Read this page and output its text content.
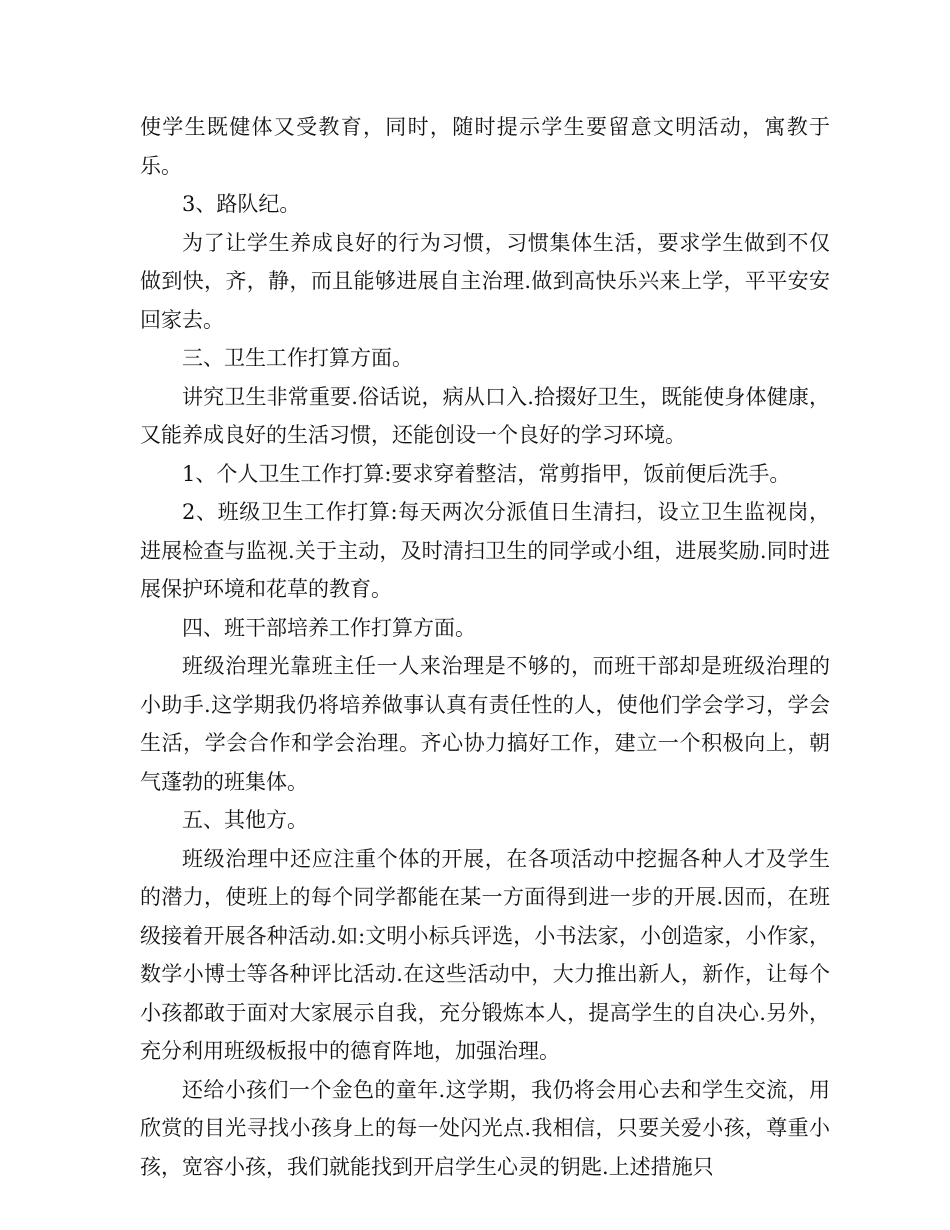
使学生既健体又受教育，同时，随时提示学生要留意文明活动，寓教于乐。

3、路队纪。

为了让学生养成良好的行为习惯，习惯集体生活，要求学生做到不仅做到快，齐，静，而且能够进展自主治理.做到高快乐兴来上学，平平安安回家去。

三、卫生工作打算方面。

讲究卫生非常重要.俗话说，病从口入.拾掇好卫生，既能使身体健康，又能养成良好的生活习惯，还能创设一个良好的学习环境。

1、个人卫生工作打算:要求穿着整洁，常剪指甲，饭前便后洗手。

2、班级卫生工作打算:每天两次分派值日生清扫，设立卫生监视岗，进展检查与监视.关于主动，及时清扫卫生的同学或小组，进展奖励.同时进展保护环境和花草的教育。

四、班干部培养工作打算方面。

班级治理光靠班主任一人来治理是不够的，而班干部却是班级治理的小助手.这学期我仍将培养做事认真有责任性的人，使他们学会学习，学会生活，学会合作和学会治理。齐心协力搞好工作，建立一个积极向上，朝气蓬勃的班集体。

五、其他方。

班级治理中还应注重个体的开展，在各项活动中挖掘各种人才及学生的潜力，使班上的每个同学都能在某一方面得到进一步的开展.因而，在班级接着开展各种活动.如:文明小标兵评选，小书法家，小创造家，小作家，数学小博士等各种评比活动.在这些活动中，大力推出新人，新作，让每个小孩都敢于面对大家展示自我，充分锻炼本人，提高学生的自决心.另外，充分利用班级板报中的德育阵地，加强治理。

还给小孩们一个金色的童年.这学期，我仍将会用心去和学生交流，用欣赏的目光寻找小孩身上的每一处闪光点.我相信，只要关爱小孩，尊重小孩，宽容小孩，我们就能找到开启学生心灵的钥匙.上述措施只
